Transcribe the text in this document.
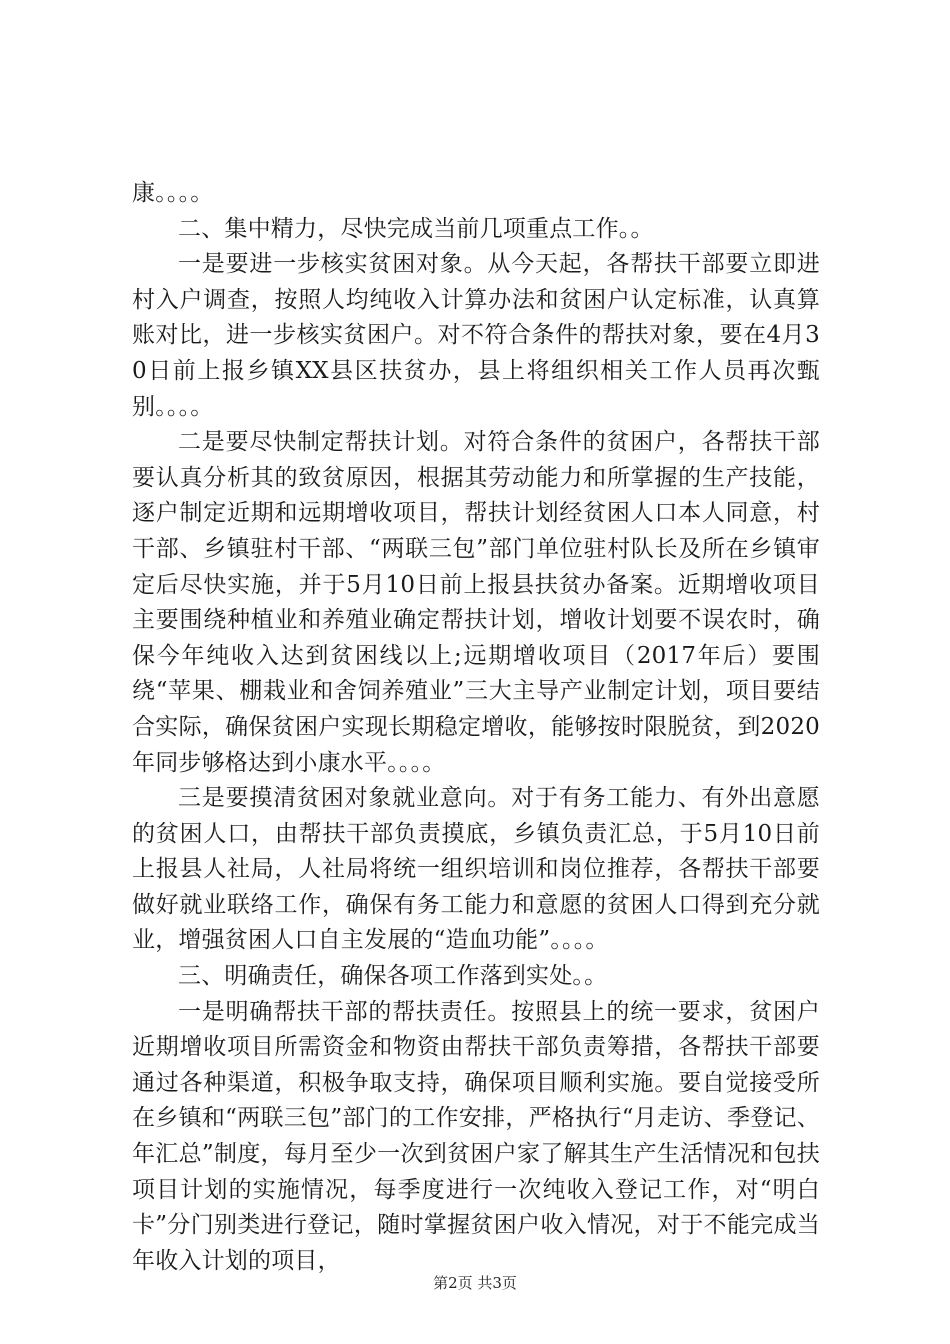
康。。。。

二、集中精力，尽快完成当前几项重点工作。。

一是要进一步核实贫困对象。从今天起，各帮扶干部要立即进村入户调查，按照人均纯收入计算办法和贫困户认定标准，认真算账对比，进一步核实贫困户。对不符合条件的帮扶对象，要在4月30日前上报乡镇XX县区扶贫办，县上将组织相关工作人员再次甄别。。。。

二是要尽快制定帮扶计划。对符合条件的贫困户，各帮扶干部要认真分析其的致贫原因，根据其劳动能力和所掌握的生产技能，逐户制定近期和远期增收项目，帮扶计划经贫困人口本人同意，村干部、乡镇驻村干部、“两联三包”部门单位驻村队长及所在乡镇审定后尽快实施，并于5月10日前上报县扶贫办备案。近期增收项目主要围绕种植业和养殖业确定帮扶计划，增收计划要不误农时，确保今年纯收入达到贫困线以上;远期增收项目（2017年后）要围绕“苹果、棚栽业和舍饲养殖业”三大主导产业制定计划，项目要结合实际，确保贫困户实现长期稳定增收，能够按时限脱贫，到2020年同步够格达到小康水平。。。。

三是要摸清贫困对象就业意向。对于有务工能力、有外出意愿的贫困人口，由帮扶干部负责摸底，乡镇负责汇总，于5月10日前上报县人社局，人社局将统一组织培训和岗位推荐，各帮扶干部要做好就业联络工作，确保有务工能力和意愿的贫困人口得到充分就业，增强贫困人口自主发展的“造血功能”。。。。

三、明确责任，确保各项工作落到实处。。

一是明确帮扶干部的帮扶责任。按照县上的统一要求，贫困户近期增收项目所需资金和物资由帮扶干部负责筹措，各帮扶干部要通过各种渠道，积极争取支持，确保项目顺利实施。要自觉接受所在乡镇和“两联三包”部门的工作安排，严格执行“月走访、季登记、年汇总”制度，每月至少一次到贫困户家了解其生产生活情况和包扶项目计划的实施情况，每季度进行一次纯收入登记工作，对“明白卡”分门别类进行登记，随时掌握贫困户收入情况，对于不能完成当年收入计划的项目，

第2页 共3页
